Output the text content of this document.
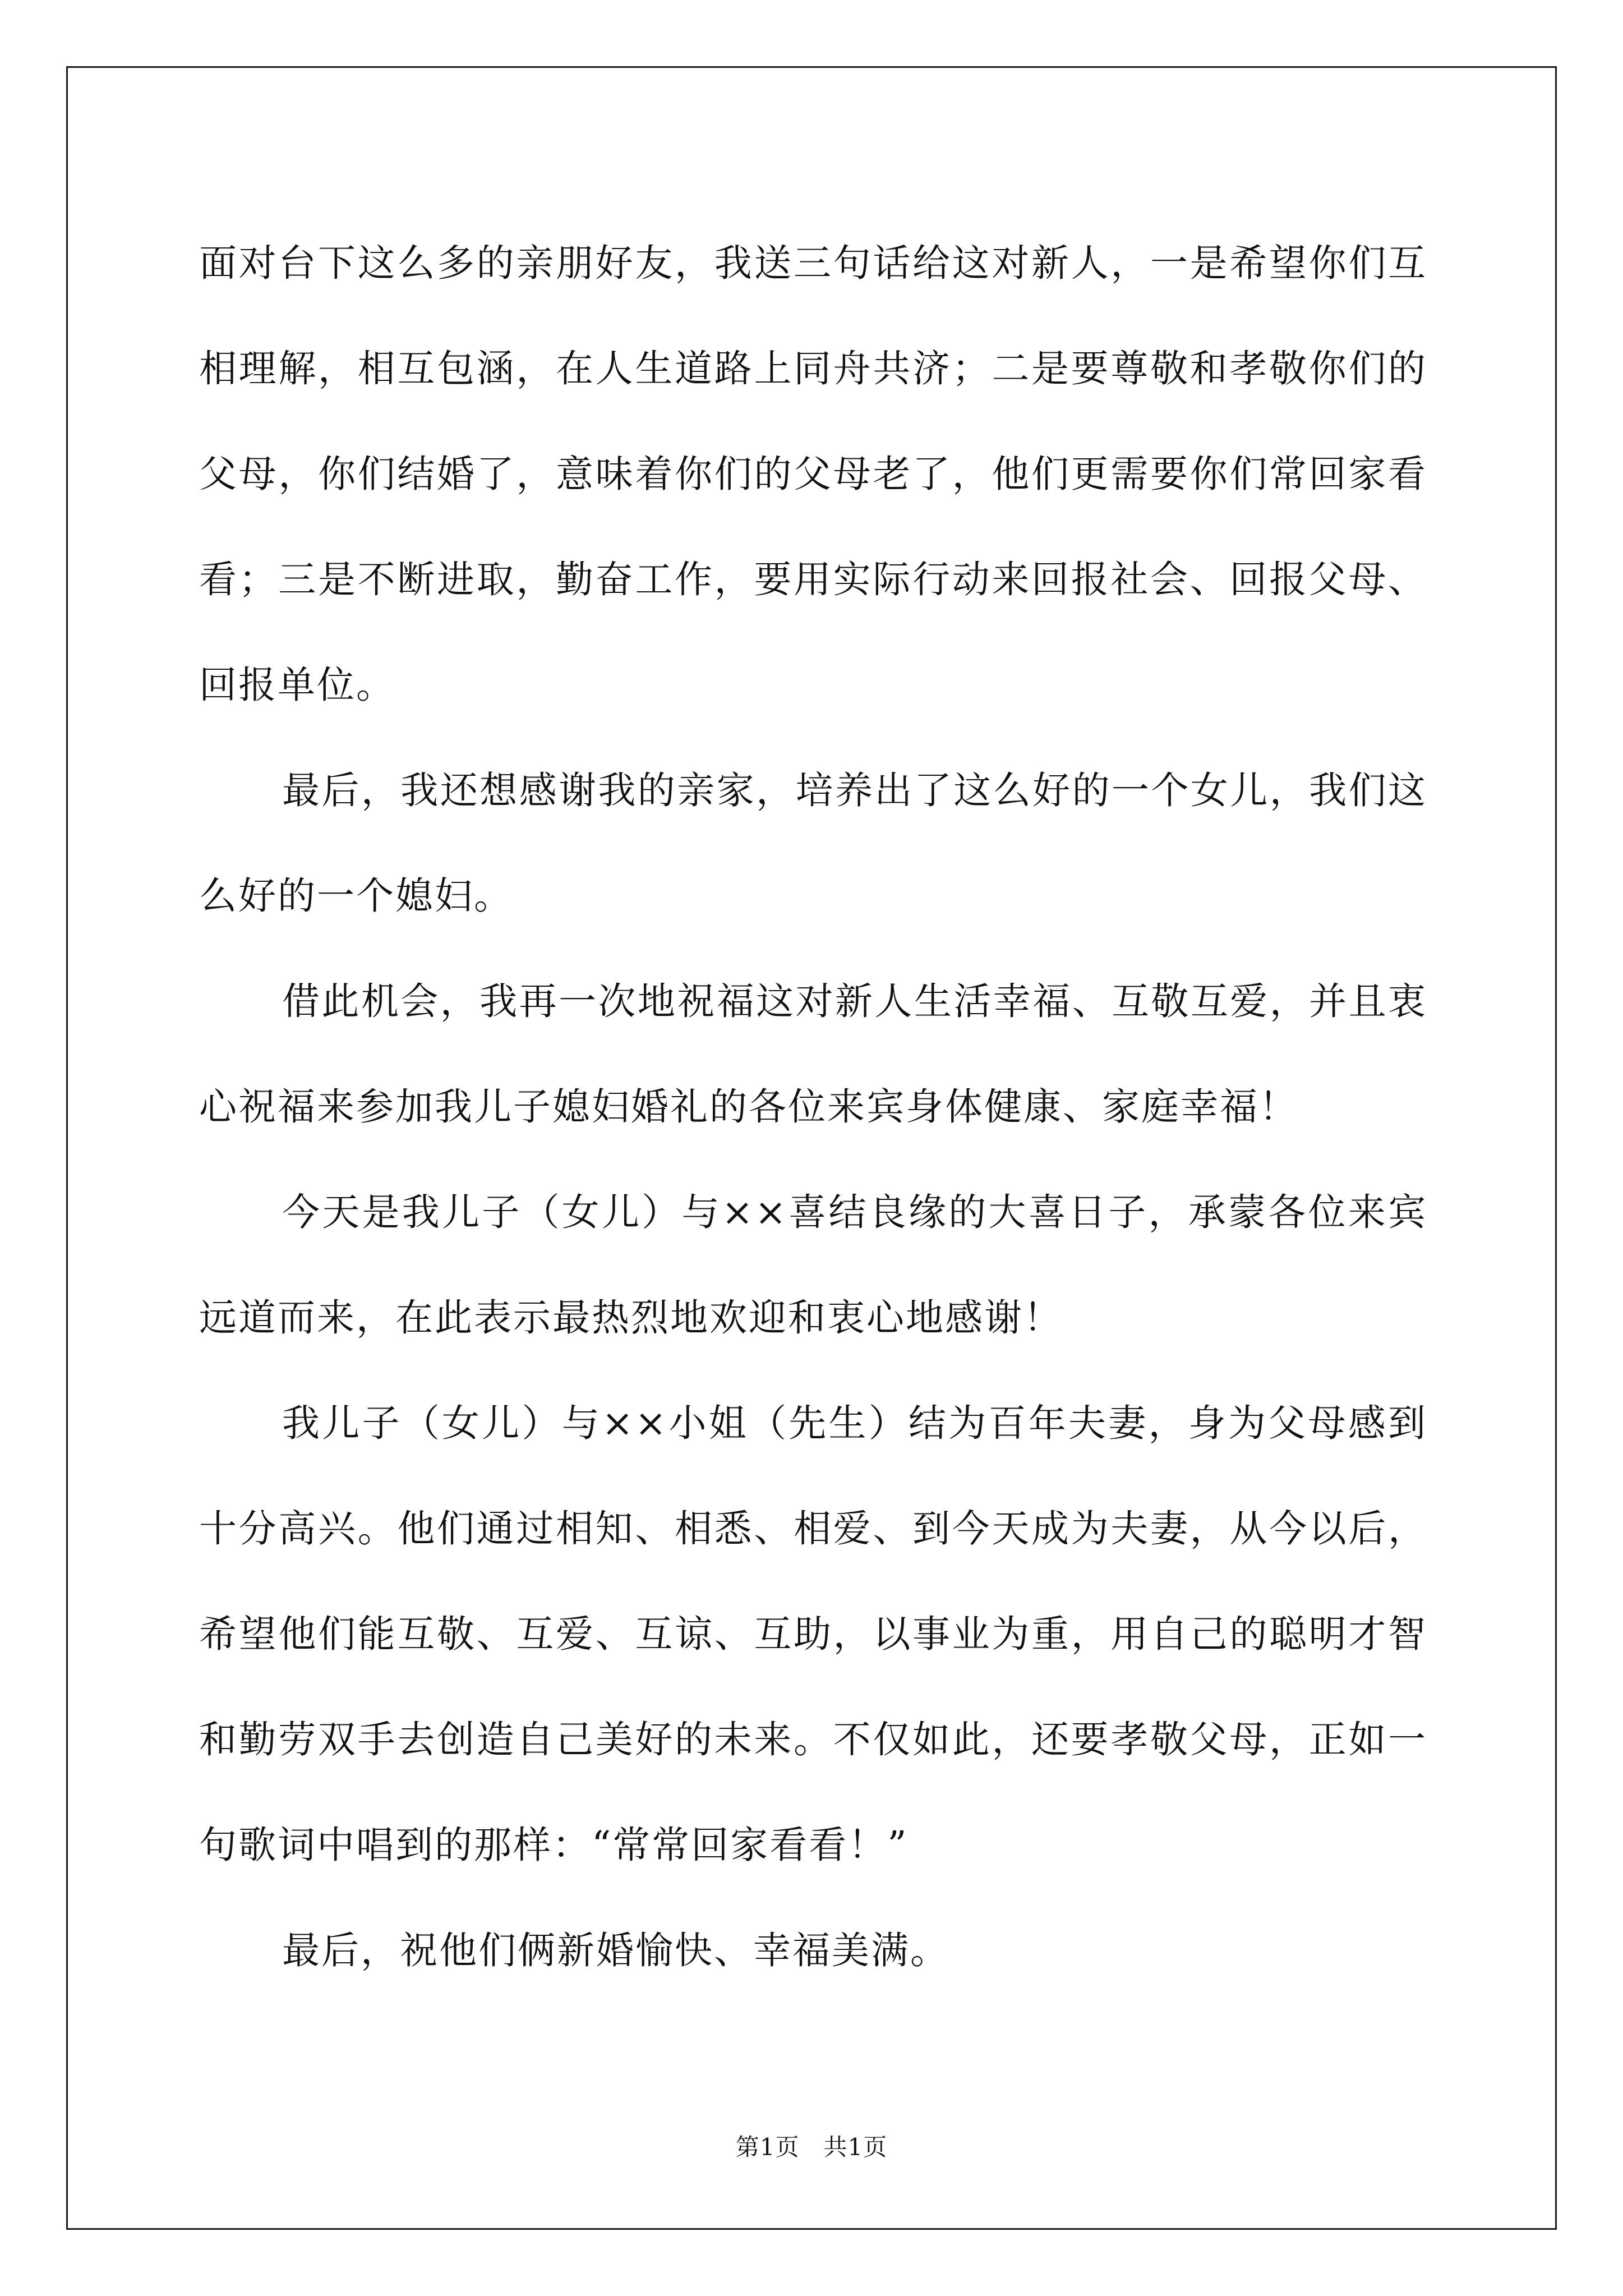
面对台下这么多的亲朋好友，我送三句话给这对新人，一是希望你们互相理解，相互包涵，在人生道路上同舟共济；二是要尊敬和孝敬你们的父母，你们结婚了，意味着你们的父母老了，他们更需要你们常回家看看；三是不断进取，勤奋工作，要用实际行动来回报社会、回报父母、回报单位。

最后，我还想感谢我的亲家，培养出了这么好的一个女儿，我们这么好的一个媳妇。

借此机会，我再一次地祝福这对新人生活幸福、互敬互爱，并且衷心祝福来参加我儿子媳妇婚礼的各位来宾身体健康、家庭幸福！

今天是我儿子（女儿）与××喜结良缘的大喜日子，承蒙各位来宾远道而来，在此表示最热烈地欢迎和衷心地感谢！

我儿子（女儿）与××小姐（先生）结为百年夫妻，身为父母感到十分高兴。他们通过相知、相悉、相爱、到今天成为夫妻，从今以后，希望他们能互敬、互爱、互谅、互助，以事业为重，用自己的聪明才智和勤劳双手去创造自己美好的未来。不仅如此，还要孝敬父母，正如一句歌词中唱到的那样：“常常回家看看！”

最后，祝他们俩新婚愉快、幸福美满。

第1页　共1页
